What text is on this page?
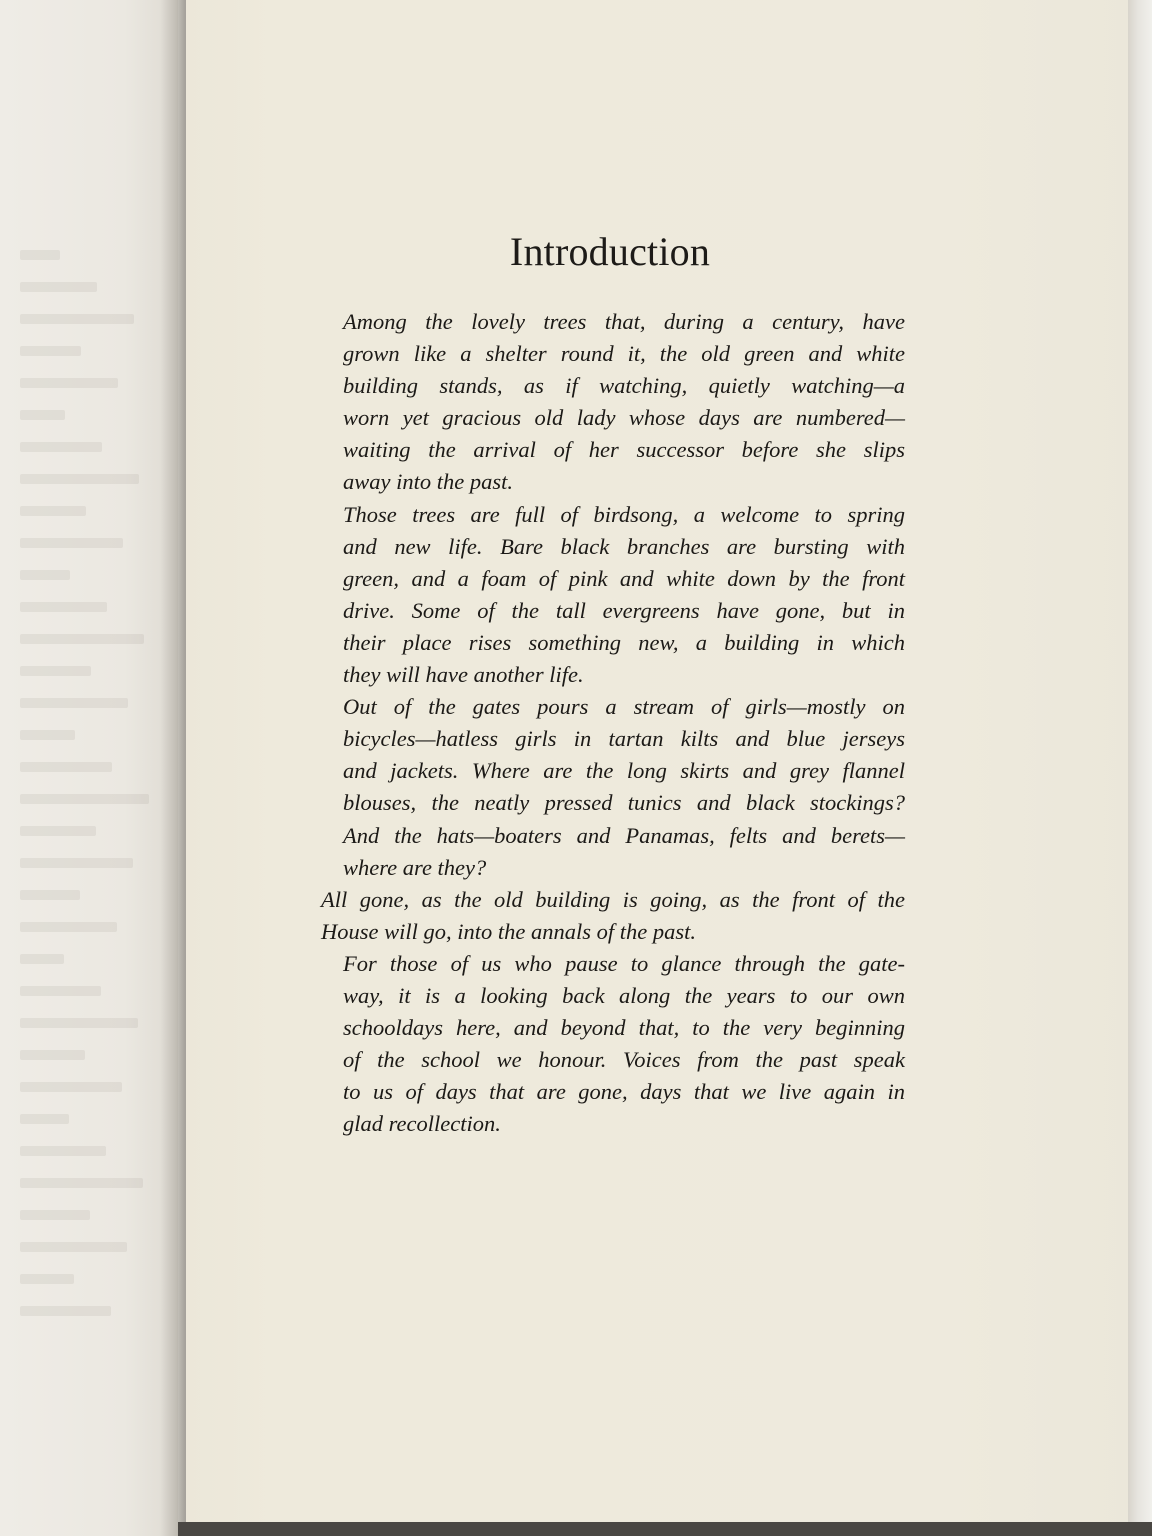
Introduction

Among the lovely trees that, during a century, have
grown like a shelter round it, the old green and white
building stands, as if watching, quietly watching—a
worn yet gracious old lady whose days are numbered—
waiting the arrival of her successor before she slips
away into the past.

Those trees are full of birdsong, a welcome to spring
and new life. Bare black branches are bursting with
green, and a foam of pink and white down by the front
drive. Some of the tall evergreens have gone, but in
their place rises something new, a building in which
they will have another life.

Out of the gates pours a stream of girls—mostly on
bicycles—hatless girls in tartan kilts and blue jerseys
and jackets. Where are the long skirts and grey flannel
blouses, the neatly pressed tunics and black stockings?
And the hats—boaters and Panamas, felts and berets—
where are they?

All gone, as the old building is going, as the front of the
House will go, into the annals of the past.

For those of us who pause to glance through the gate-
way, it is a looking back along the years to our own
schooldays here, and beyond that, to the very beginning
of the school we honour. Voices from the past speak
to us of days that are gone, days that we live again in
glad recollection.
